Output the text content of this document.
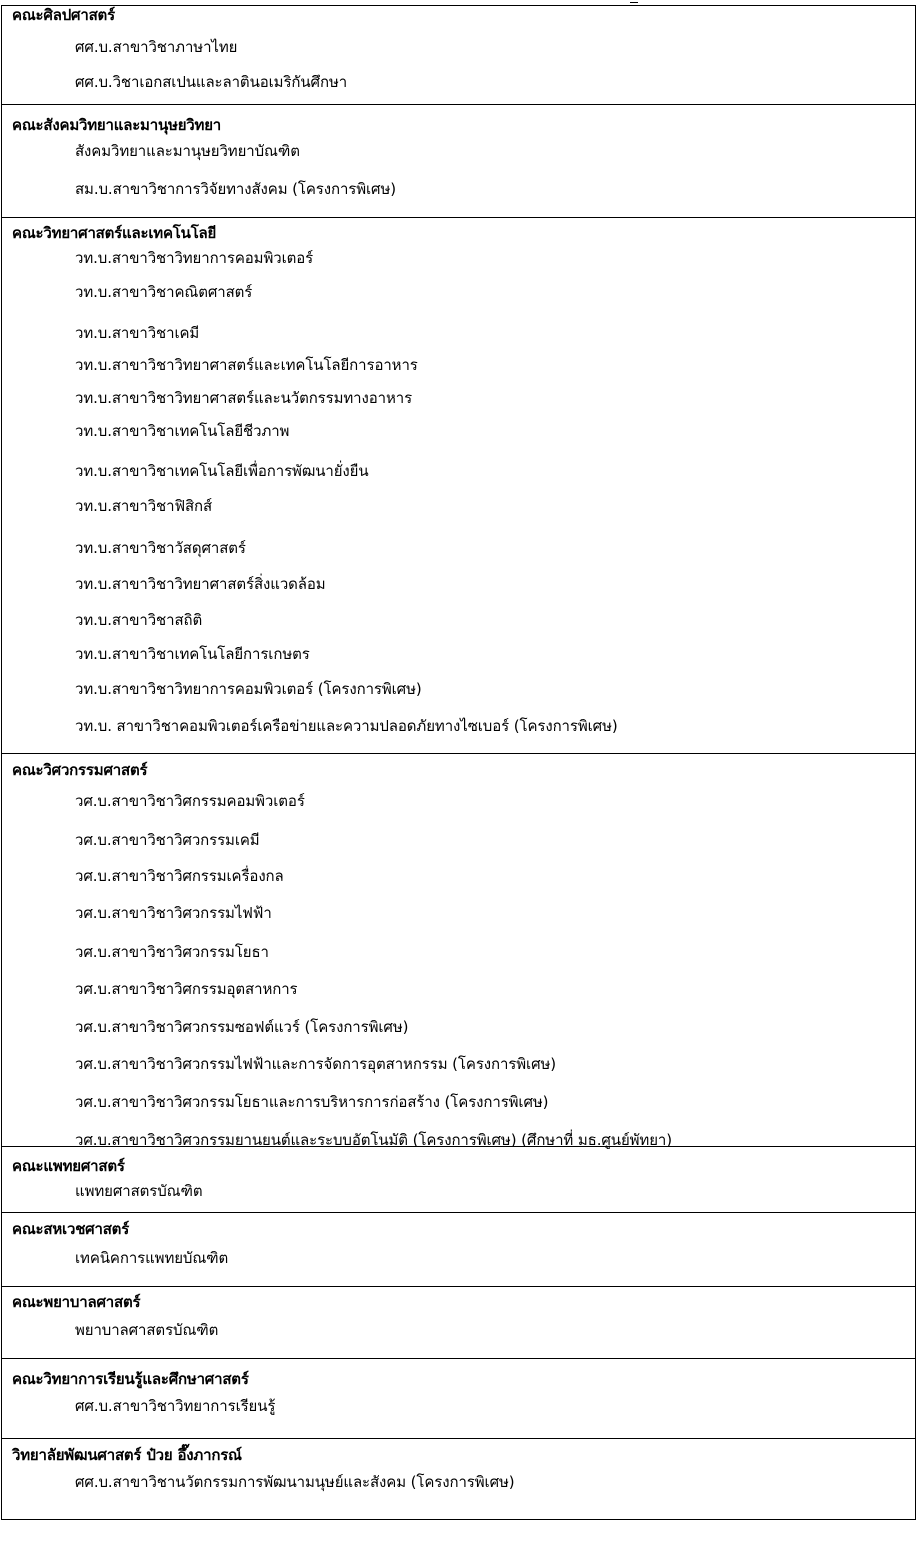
คณะศิลปศาสตร์
ศศ.บ.สาขาวิชาภาษาไทย
ศศ.บ.วิชาเอกสเปนและลาตินอเมริกันศึกษา
คณะสังคมวิทยาและมานุษยวิทยา
สังคมวิทยาและมานุษยวิทยาบัณฑิต
สม.บ.สาขาวิชาการวิจัยทางสังคม (โครงการพิเศษ)
คณะวิทยาศาสตร์และเทคโนโลยี
วท.บ.สาขาวิชาวิทยาการคอมพิวเตอร์
วท.บ.สาขาวิชาคณิตศาสตร์
วท.บ.สาขาวิชาเคมี
วท.บ.สาขาวิชาวิทยาศาสตร์และเทคโนโลยีการอาหาร
วท.บ.สาขาวิชาวิทยาศาสตร์และนวัตกรรมทางอาหาร
วท.บ.สาขาวิชาเทคโนโลยีชีวภาพ
วท.บ.สาขาวิชาเทคโนโลยีเพื่อการพัฒนายั่งยืน
วท.บ.สาขาวิชาฟิสิกส์
วท.บ.สาขาวิชาวัสดุศาสตร์
วท.บ.สาขาวิชาวิทยาศาสตร์สิ่งแวดล้อม
วท.บ.สาขาวิชาสถิติ
วท.บ.สาขาวิชาเทคโนโลยีการเกษตร
วท.บ.สาขาวิชาวิทยาการคอมพิวเตอร์ (โครงการพิเศษ)
วท.บ. สาขาวิชาคอมพิวเตอร์เครือข่ายและความปลอดภัยทางไซเบอร์ (โครงการพิเศษ)
คณะวิศวกรรมศาสตร์
วศ.บ.สาขาวิชาวิศกรรมคอมพิวเตอร์
วศ.บ.สาขาวิชาวิศวกรรมเคมี
วศ.บ.สาขาวิชาวิศกรรมเครื่องกล
วศ.บ.สาขาวิชาวิศวกรรมไฟฟ้า
วศ.บ.สาขาวิชาวิศวกรรมโยธา
วศ.บ.สาขาวิชาวิศกรรมอุตสาหการ
วศ.บ.สาขาวิชาวิศวกรรมซอฟต์แวร์ (โครงการพิเศษ)
วศ.บ.สาขาวิชาวิศวกรรมไฟฟ้าและการจัดการอุตสาหกรรม (โครงการพิเศษ)
วศ.บ.สาขาวิชาวิศวกรรมโยธาและการบริหารการก่อสร้าง (โครงการพิเศษ)
วศ.บ.สาขาวิชาวิศวกรรมยานยนต์และระบบอัตโนมัติ (โครงการพิเศษ) (ศึกษาที่ มธ.ศูนย์พัทยา)
คณะแพทยศาสตร์
แพทยศาสตรบัณฑิต
คณะสหเวชศาสตร์
เทคนิคการแพทยบัณฑิต
คณะพยาบาลศาสตร์
พยาบาลศาสตรบัณฑิต
คณะวิทยาการเรียนรู้และศึกษาศาสตร์
ศศ.บ.สาขาวิชาวิทยาการเรียนรู้
วิทยาลัยพัฒนศาสตร์ ป๋วย อึ๊งภากรณ์
ศศ.บ.สาขาวิชานวัตกรรมการพัฒนามนุษย์และสังคม (โครงการพิเศษ)
